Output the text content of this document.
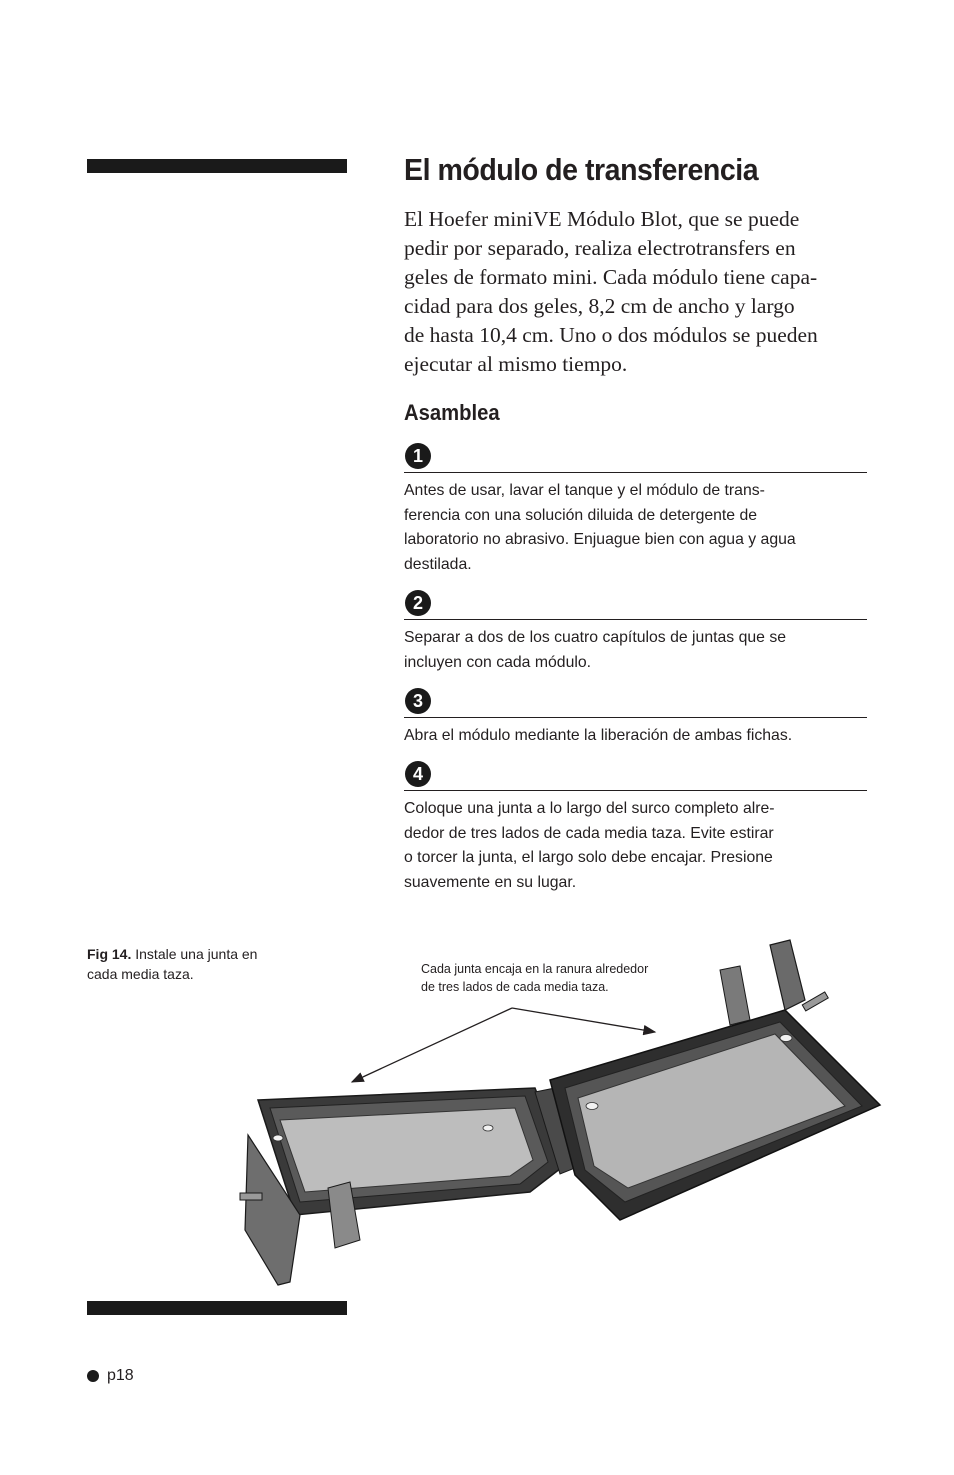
El módulo de transferencia
El Hoefer miniVE Módulo Blot, que se puede
pedir por separado, realiza electrotransfers en
geles de formato mini. Cada módulo tiene capa-
cidad para dos geles, 8,2 cm de ancho y largo
de hasta 10,4 cm. Uno o dos módulos se pueden
ejecutar al mismo tiempo.
Asamblea
1
Antes de usar, lavar el tanque y el módulo de trans-
ferencia con una solución diluida de detergente de
laboratorio no abrasivo. Enjuague bien con agua y agua
destilada.
2
Separar a dos de los cuatro capítulos de juntas que se
incluyen con cada módulo.
3
Abra el módulo mediante la liberación de ambas fichas.
4
Coloque una junta a lo largo del surco completo alre-
dedor de tres lados de cada media taza. Evite estirar
o torcer la junta, el largo solo debe encajar. Presione
suavemente en su lugar.
Fig 14. Instale una junta en
cada media taza.	Cada junta encaja en la ranura alrededor
de tres lados de cada media taza.
p18
